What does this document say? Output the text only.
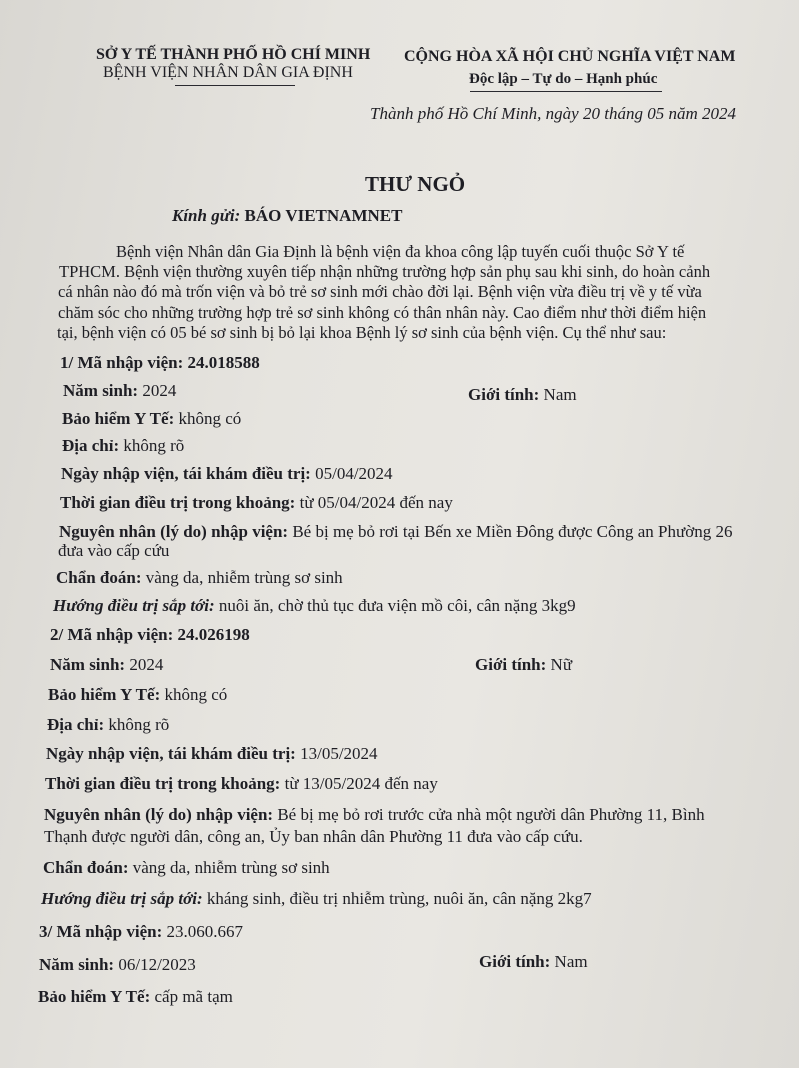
SỞ Y TẾ THÀNH PHỐ HỒ CHÍ MINH
BỆNH VIỆN NHÂN DÂN GIA ĐỊNH
CỘNG HÒA XÃ HỘI CHỦ NGHĨA VIỆT NAM
Độc lập – Tự do – Hạnh phúc
Thành phố Hồ Chí Minh, ngày 20 tháng 05 năm 2024
THƯ NGỎ
Kính gửi: BÁO VIETNAMNET
Bệnh viện Nhân dân Gia Định là bệnh viện đa khoa công lập tuyến cuối thuộc Sở Y tế
TPHCM. Bệnh viện thường xuyên tiếp nhận những trường hợp sản phụ sau khi sinh, do hoàn cảnh
cá nhân nào đó mà trốn viện và bỏ trẻ sơ sinh mới chào đời lại. Bệnh viện vừa điều trị về y tế vừa
chăm sóc cho những trường hợp trẻ sơ sinh không có thân nhân này. Cao điểm như thời điểm hiện
tại, bệnh viện có 05 bé sơ sinh bị bỏ lại khoa Bệnh lý sơ sinh của bệnh viện. Cụ thể như sau:
1/ Mã nhập viện: 24.018588
Năm sinh: 2024	Giới tính: Nam
Bảo hiểm Y Tế: không có
Địa chỉ: không rõ
Ngày nhập viện, tái khám điều trị: 05/04/2024
Thời gian điều trị trong khoảng: từ 05/04/2024 đến nay
Nguyên nhân (lý do) nhập viện: Bé bị mẹ bỏ rơi tại Bến xe Miền Đông được Công an Phường 26
đưa vào cấp cứu
Chẩn đoán: vàng da, nhiễm trùng sơ sinh
Hướng điều trị sắp tới: nuôi ăn, chờ thủ tục đưa viện mồ côi, cân nặng 3kg9
2/ Mã nhập viện: 24.026198
Năm sinh: 2024	Giới tính: Nữ
Bảo hiểm Y Tế: không có
Địa chỉ: không rõ
Ngày nhập viện, tái khám điều trị: 13/05/2024
Thời gian điều trị trong khoảng: từ 13/05/2024 đến nay
Nguyên nhân (lý do) nhập viện: Bé bị mẹ bỏ rơi trước cửa nhà một người dân Phường 11, Bình
Thạnh được người dân, công an, Ủy ban nhân dân Phường 11 đưa vào cấp cứu.
Chẩn đoán: vàng da, nhiễm trùng sơ sinh
Hướng điều trị sắp tới: kháng sinh, điều trị nhiễm trùng, nuôi ăn, cân nặng 2kg7
3/ Mã nhập viện: 23.060.667
Năm sinh: 06/12/2023	Giới tính: Nam
Bảo hiểm Y Tế: cấp mã tạm
